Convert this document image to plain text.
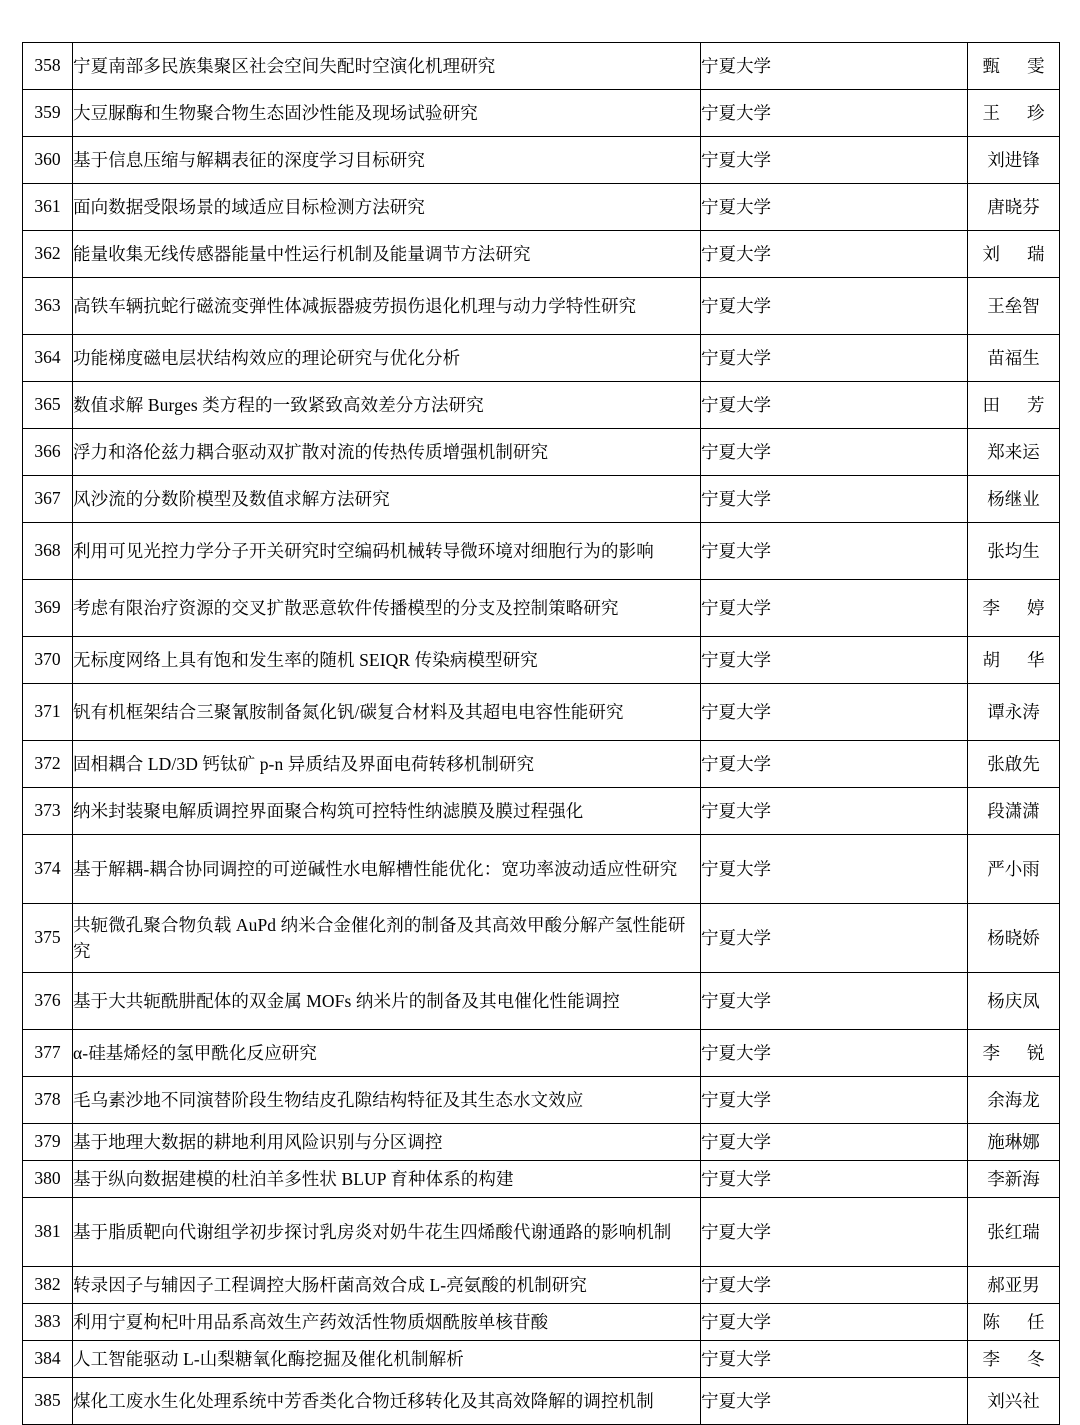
358	宁夏南部多民族集聚区社会空间失配时空演化机理研究	宁夏大学	甄雯
359	大豆脲酶和生物聚合物生态固沙性能及现场试验研究	宁夏大学	王珍
360	基于信息压缩与解耦表征的深度学习目标研究	宁夏大学	刘进锋
361	面向数据受限场景的域适应目标检测方法研究	宁夏大学	唐晓芬
362	能量收集无线传感器能量中性运行机制及能量调节方法研究	宁夏大学	刘瑞
363	高铁车辆抗蛇行磁流变弹性体减振器疲劳损伤退化机理与动力学特性研究	宁夏大学	王垒智
364	功能梯度磁电层状结构效应的理论研究与优化分析	宁夏大学	苗福生
365	数值求解 Burges 类方程的一致紧致高效差分方法研究	宁夏大学	田芳
366	浮力和洛伦兹力耦合驱动双扩散对流的传热传质增强机制研究	宁夏大学	郑来运
367	风沙流的分数阶模型及数值求解方法研究	宁夏大学	杨继业
368	利用可见光控力学分子开关研究时空编码机械转导微环境对细胞行为的影响	宁夏大学	张均生
369	考虑有限治疗资源的交叉扩散恶意软件传播模型的分支及控制策略研究	宁夏大学	李婷
370	无标度网络上具有饱和发生率的随机 SEIQR 传染病模型研究	宁夏大学	胡华
371	钒有机框架结合三聚氰胺制备氮化钒/碳复合材料及其超电电容性能研究	宁夏大学	谭永涛
372	固相耦合 LD/3D 钙钛矿 p-n 异质结及界面电荷转移机制研究	宁夏大学	张啟先
373	纳米封装聚电解质调控界面聚合构筑可控特性纳滤膜及膜过程强化	宁夏大学	段潇潇
374	基于解耦-耦合协同调控的可逆碱性水电解槽性能优化：宽功率波动适应性研究	宁夏大学	严小雨
375	共轭微孔聚合物负载 AuPd 纳米合金催化剂的制备及其高效甲酸分解产氢性能研究	宁夏大学	杨晓娇
376	基于大共轭酰肼配体的双金属 MOFs 纳米片的制备及其电催化性能调控	宁夏大学	杨庆凤
377	α-硅基烯烃的氢甲酰化反应研究	宁夏大学	李锐
378	毛乌素沙地不同演替阶段生物结皮孔隙结构特征及其生态水文效应	宁夏大学	余海龙
379	基于地理大数据的耕地利用风险识别与分区调控	宁夏大学	施琳娜
380	基于纵向数据建模的杜泊羊多性状 BLUP 育种体系的构建	宁夏大学	李新海
381	基于脂质靶向代谢组学初步探讨乳房炎对奶牛花生四烯酸代谢通路的影响机制	宁夏大学	张红瑞
382	转录因子与辅因子工程调控大肠杆菌高效合成 L-亮氨酸的机制研究	宁夏大学	郝亚男
383	利用宁夏枸杞叶用品系高效生产药效活性物质烟酰胺单核苷酸	宁夏大学	陈任
384	人工智能驱动 L-山梨糖氧化酶挖掘及催化机制解析	宁夏大学	李冬
385	煤化工废水生化处理系统中芳香类化合物迁移转化及其高效降解的调控机制	宁夏大学	刘兴社
